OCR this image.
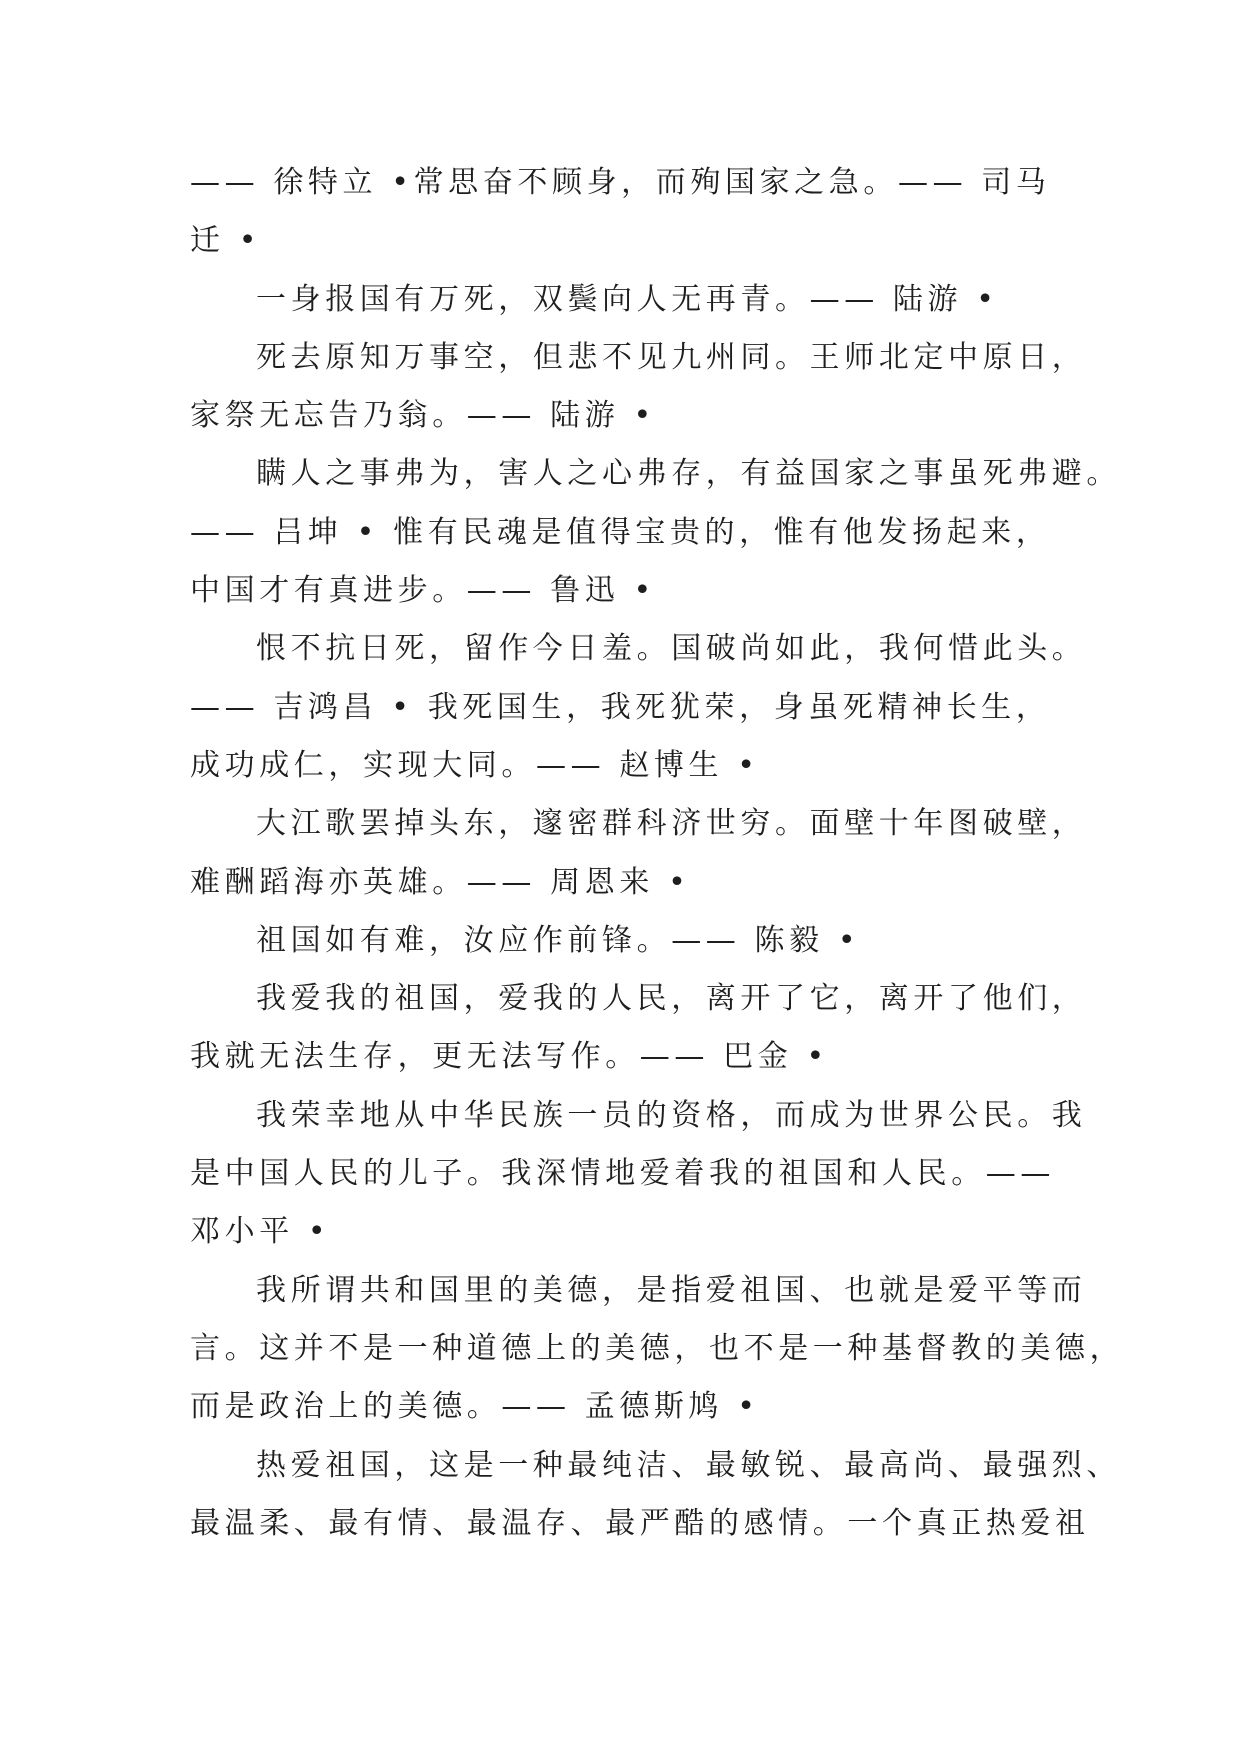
—— 徐特立 •常思奋不顾身，而殉国家之急。—— 司马
迁 •
一身报国有万死，双鬓向人无再青。—— 陆游 •
死去原知万事空，但悲不见九州同。王师北定中原日，
家祭无忘告乃翁。—— 陆游 •
瞒人之事弗为，害人之心弗存，有益国家之事虽死弗避。
—— 吕坤 • 惟有民魂是值得宝贵的，惟有他发扬起来，
中国才有真进步。—— 鲁迅 •
恨不抗日死，留作今日羞。国破尚如此，我何惜此头。
—— 吉鸿昌 • 我死国生，我死犹荣，身虽死精神长生，
成功成仁，实现大同。—— 赵博生 •
大江歌罢掉头东，邃密群科济世穷。面壁十年图破壁，
难酬蹈海亦英雄。—— 周恩来 •
祖国如有难，汝应作前锋。—— 陈毅 •
我爱我的祖国，爱我的人民，离开了它，离开了他们，
我就无法生存，更无法写作。—— 巴金 •
我荣幸地从中华民族一员的资格，而成为世界公民。我
是中国人民的儿子。我深情地爱着我的祖国和人民。——
邓小平 •
我所谓共和国里的美德，是指爱祖国、也就是爱平等而
言。这并不是一种道德上的美德，也不是一种基督教的美德，
而是政治上的美德。—— 孟德斯鸠 •
热爱祖国，这是一种最纯洁、最敏锐、最高尚、最强烈、
最温柔、最有情、最温存、最严酷的感情。一个真正热爱祖
